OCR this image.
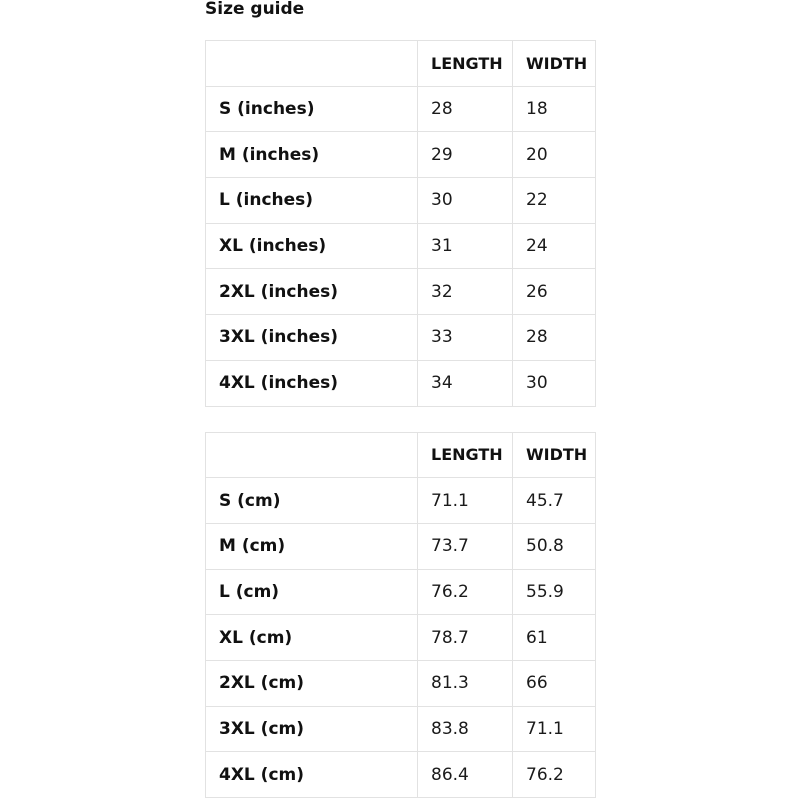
Size guide
	LENGTH	WIDTH
S (inches)	28	18
M (inches)	29	20
L (inches)	30	22
XL (inches)	31	24
2XL (inches)	32	26
3XL (inches)	33	28
4XL (inches)	34	30
	LENGTH	WIDTH
S (cm)	71.1	45.7
M (cm)	73.7	50.8
L (cm)	76.2	55.9
XL (cm)	78.7	61
2XL (cm)	81.3	66
3XL (cm)	83.8	71.1
4XL (cm)	86.4	76.2
